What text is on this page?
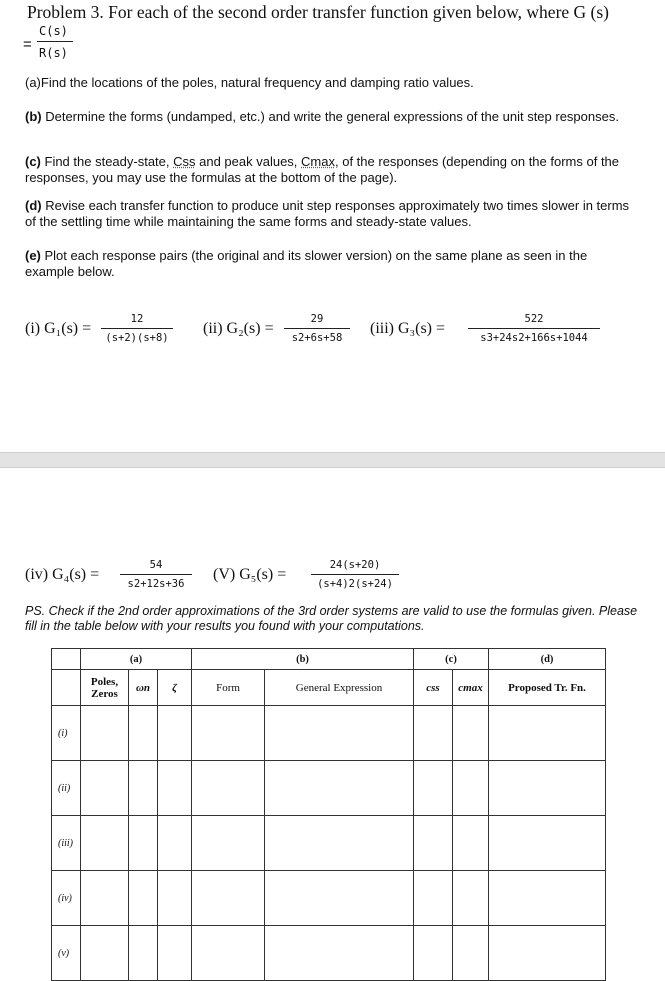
Problem 3. For each of the second order transfer function given below, where G (s)
=
C(s)
R(s)
(a)Find the locations of the poles, natural frequency and damping ratio values.
(b) Determine the forms (undamped, etc.) and write the general expressions of the unit step responses.
(c) Find the steady-state, Css and peak values, Cmax, of the responses (depending on the forms of the responses, you may use the formulas at the bottom of the page).
(d) Revise each transfer function to produce unit step responses approximately two times slower in terms of the settling time while maintaining the same forms and steady-state values.
(e) Plot each response pairs (the original and its slower version) on the same plane as seen in the example below.
(i) $G_1(s) = \frac{12}{(s+2)(s+8)} (ii) G_2(s) = \frac{29}{s2+6s+58} (iii) G_3(s) = \frac{522}{s3+24s2+166s+1044}$
(iv) $G_4(s) = \frac{54}{s2+12s+36} (V) G_5(s) = \frac{24(s+20)}{(s+4)2(s+24)}$
PS. Check if the 2nd order approximations of the 3rd order systems are valid to use the formulas given. Please fill in the table below with your results you found with your computations.
	(a)			(b)		(c)		(d)
	Poles, Zeros	ωn	ζ	Form	General Expression	css	cmax	Proposed Tr. Fn.
(i)								
(ii)								
(iii)								
(iv)								
(v)								
